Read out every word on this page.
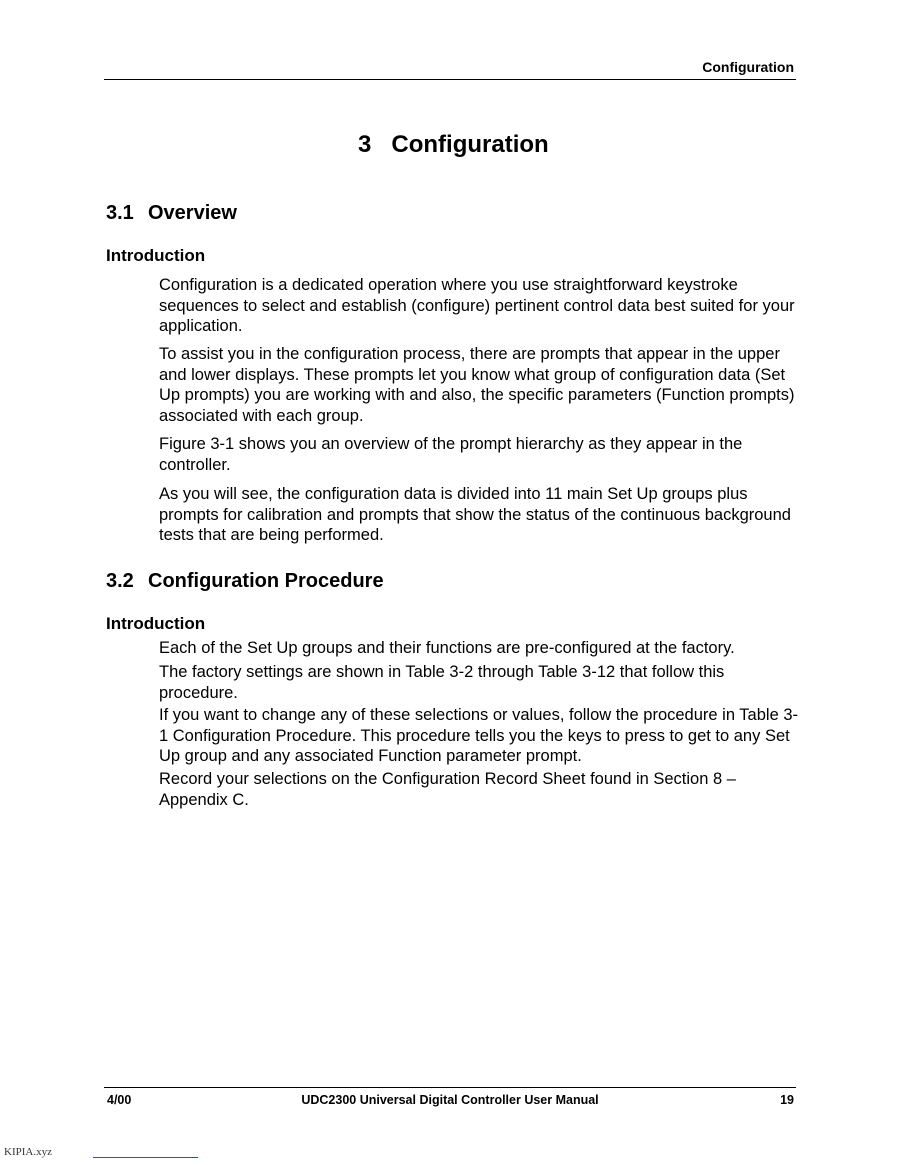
Configuration
3 Configuration
3.1 Overview
Introduction

Configuration is a dedicated operation where you use straightforward keystroke sequences to select and establish (configure) pertinent control data best suited for your application.

To assist you in the configuration process, there are prompts that appear in the upper and lower displays. These prompts let you know what group of configuration data (Set Up prompts) you are working with and also, the specific parameters (Function prompts) associated with each group.

Figure 3-1 shows you an overview of the prompt hierarchy as they appear in the controller.

As you will see, the configuration data is divided into 11 main Set Up groups plus prompts for calibration and prompts that show the status of the continuous background tests that are being performed.

3.2 Configuration Procedure
Introduction

Each of the Set Up groups and their functions are pre-configured at the factory.

The factory settings are shown in Table 3-2 through Table 3-12 that follow this procedure.

If you want to change any of these selections or values, follow the procedure in Table 3-1 Configuration Procedure. This procedure tells you the keys to press to get to any Set Up group and any associated Function parameter prompt.

Record your selections on the Configuration Record Sheet found in Section 8 – Appendix C.

4/00	UDC2300 Universal Digital Controller User Manual	19
KIPIA.xyz
